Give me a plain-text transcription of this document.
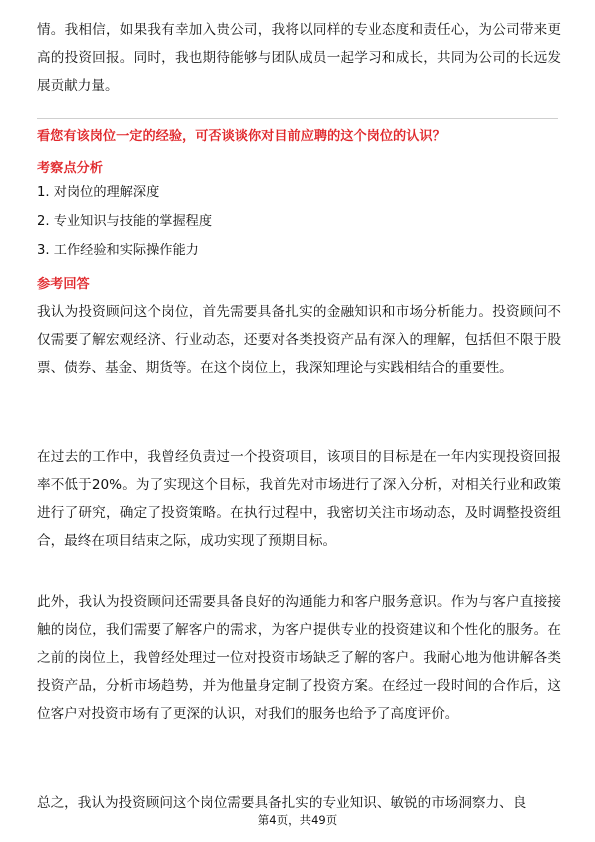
情。我相信，如果我有幸加入贵公司，我将以同样的专业态度和责任心，为公司带来更高的投资回报。同时，我也期待能够与团队成员一起学习和成长，共同为公司的长远发展贡献力量。

看您有该岗位一定的经验，可否谈谈你对目前应聘的这个岗位的认识？

考察点分析

1. 对岗位的理解深度

2. 专业知识与技能的掌握程度

3. 工作经验和实际操作能力

参考回答

我认为投资顾问这个岗位，首先需要具备扎实的金融知识和市场分析能力。投资顾问不仅需要了解宏观经济、行业动态，还要对各类投资产品有深入的理解，包括但不限于股票、债券、基金、期货等。在这个岗位上，我深知理论与实践相结合的重要性。

在过去的工作中，我曾经负责过一个投资项目，该项目的目标是在一年内实现投资回报率不低于20%。为了实现这个目标，我首先对市场进行了深入分析，对相关行业和政策进行了研究，确定了投资策略。在执行过程中，我密切关注市场动态，及时调整投资组合，最终在项目结束之际，成功实现了预期目标。

此外，我认为投资顾问还需要具备良好的沟通能力和客户服务意识。作为与客户直接接触的岗位，我们需要了解客户的需求，为客户提供专业的投资建议和个性化的服务。在之前的岗位上，我曾经处理过一位对投资市场缺乏了解的客户。我耐心地为他讲解各类投资产品，分析市场趋势，并为他量身定制了投资方案。在经过一段时间的合作后，这位客户对投资市场有了更深的认识，对我们的服务也给予了高度评价。

总之，我认为投资顾问这个岗位需要具备扎实的专业知识、敏锐的市场洞察力、良

第4页，共49页
